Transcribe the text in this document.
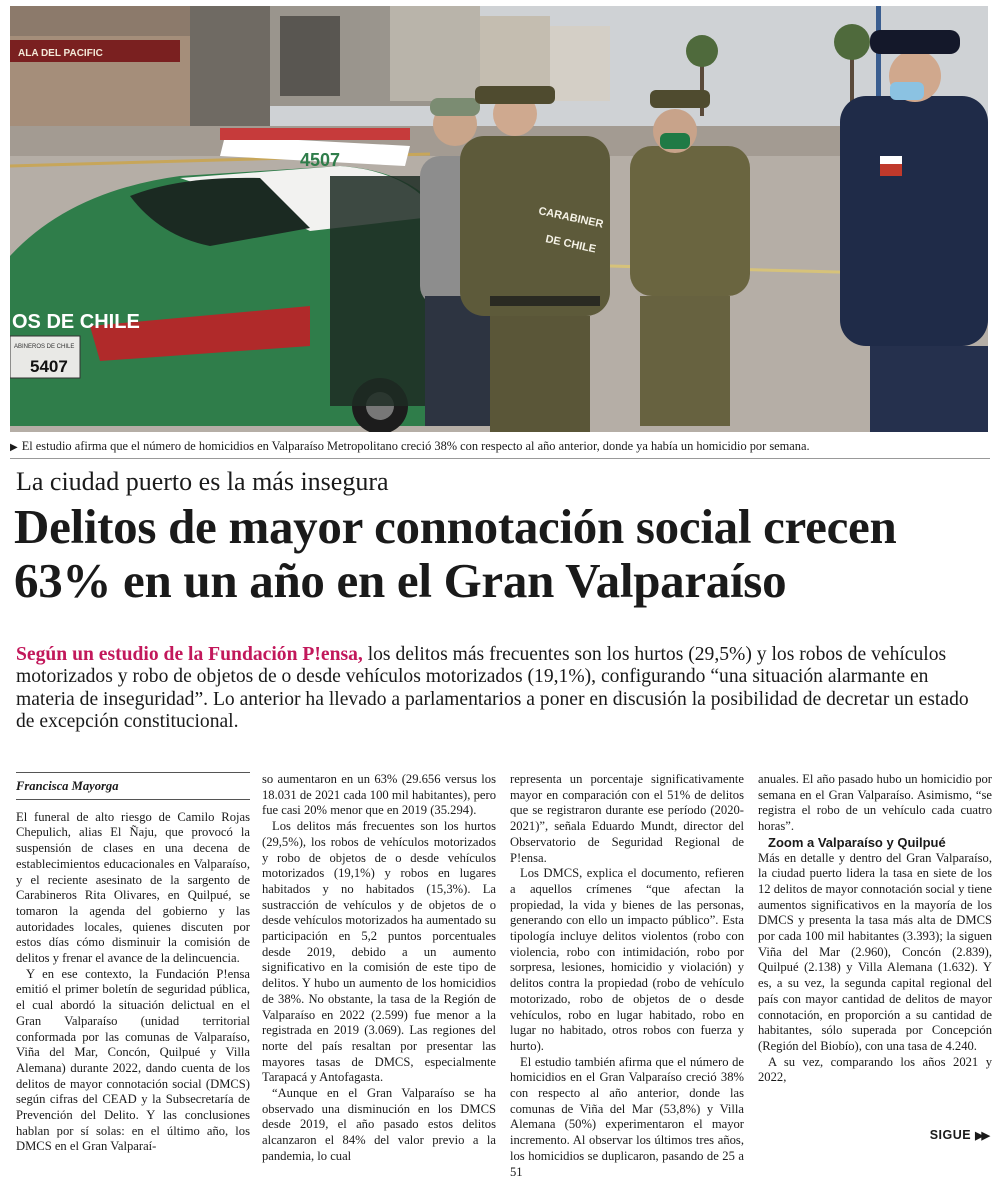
ALA DEL PACIFIC
4507
OS DE CHILE
ABINEROS DE CHILE
5407
CARABINER
DE CHILE
▶ El estudio afirma que el número de homicidios en Valparaíso Metropolitano creció 38% con respecto al año anterior, donde ya había un homicidio por semana.
La ciudad puerto es la más insegura
Delitos de mayor connotación social crecen 63% en un año en el Gran Valparaíso
Según un estudio de la Fundación P!ensa, los delitos más frecuentes son los hurtos (29,5%) y los robos de vehículos motorizados y robo de objetos de o desde vehículos motorizados (19,1%), configurando “una situación alarmante en materia de inseguridad”. Lo anterior ha llevado a parlamentarios a poner en discusión la posibilidad de decretar un estado de excepción constitucional.
Francisca Mayorga

El funeral de alto riesgo de Camilo Rojas Chepulich, alias El Ñaju, que provocó la suspensión de clases en una decena de establecimientos educacionales en Valparaíso, y el reciente asesinato de la sargento de Carabineros Rita Olivares, en Quilpué, se tomaron la agenda del gobierno y las autoridades locales, quienes discuten por estos días cómo disminuir la comisión de delitos y frenar el avance de la delincuencia.

Y en ese contexto, la Fundación P!ensa emitió el primer boletín de seguridad pública, el cual abordó la situación delictual en el Gran Valparaíso (unidad territorial conformada por las comunas de Valparaíso, Viña del Mar, Concón, Quilpué y Villa Alemana) durante 2022, dando cuenta de los delitos de mayor connotación social (DMCS) según cifras del CEAD y la Subsecretaría de Prevención del Delito. Y las conclusiones hablan por sí solas: en el último año, los DMCS en el Gran Valparaí-

so aumentaron en un 63% (29.656 versus los 18.031 de 2021 cada 100 mil habitantes), pero fue casi 20% menor que en 2019 (35.294).

Los delitos más frecuentes son los hurtos (29,5%), los robos de vehículos motorizados y robo de objetos de o desde vehículos motorizados (19,1%) y robos en lugares habitados y no habitados (15,3%). La sustracción de vehículos y de objetos de o desde vehículos motorizados ha aumentado su participación en 5,2 puntos porcentuales desde 2019, debido a un aumento significativo en la comisión de este tipo de delitos. Y hubo un aumento de los homicidios de 38%. No obstante, la tasa de la Región de Valparaíso en 2022 (2.599) fue menor a la registrada en 2019 (3.069). Las regiones del norte del país resaltan por presentar las mayores tasas de DMCS, especialmente Tarapacá y Antofagasta.

“Aunque en el Gran Valparaíso se ha observado una disminución en los DMCS desde 2019, el año pasado estos delitos alcanzaron el 84% del valor previo a la pandemia, lo cual

representa un porcentaje significativamente mayor en comparación con el 51% de delitos que se registraron durante ese período (2020-2021)”, señala Eduardo Mundt, director del Observatorio de Seguridad Regional de P!ensa.

Los DMCS, explica el documento, refieren a aquellos crímenes “que afectan la propiedad, la vida y bienes de las personas, generando con ello un impacto público”. Esta tipología incluye delitos violentos (robo con violencia, robo con intimidación, robo por sorpresa, lesiones, homicidio y violación) y delitos contra la propiedad (robo de vehículo motorizado, robo de objetos de o desde vehículos, robo en lugar habitado, robo en lugar no habitado, otros robos con fuerza y hurto).

El estudio también afirma que el número de homicidios en el Gran Valparaíso creció 38% con respecto al año anterior, donde las comunas de Viña del Mar (53,8%) y Villa Alemana (50%) experimentaron el mayor incremento. Al observar los últimos tres años, los homicidios se duplicaron, pasando de 25 a 51

anuales. El año pasado hubo un homicidio por semana en el Gran Valparaíso. Asimismo, “se registra el robo de un vehículo cada cuatro horas”.

Zoom a Valparaíso y Quilpué

Más en detalle y dentro del Gran Valparaíso, la ciudad puerto lidera la tasa en siete de los 12 delitos de mayor connotación social y tiene aumentos significativos en la mayoría de los DMCS y presenta la tasa más alta de DMCS por cada 100 mil habitantes (3.393); la siguen Viña del Mar (2.960), Concón (2.839), Quilpué (2.138) y Villa Alemana (1.632). Y es, a su vez, la segunda capital regional del país con mayor cantidad de delitos de mayor connotación, en proporción a su cantidad de habitantes, sólo superada por Concepción (Región del Biobío), con una tasa de 4.240.

A su vez, comparando los años 2021 y 2022,

SIGUE ▶▶
